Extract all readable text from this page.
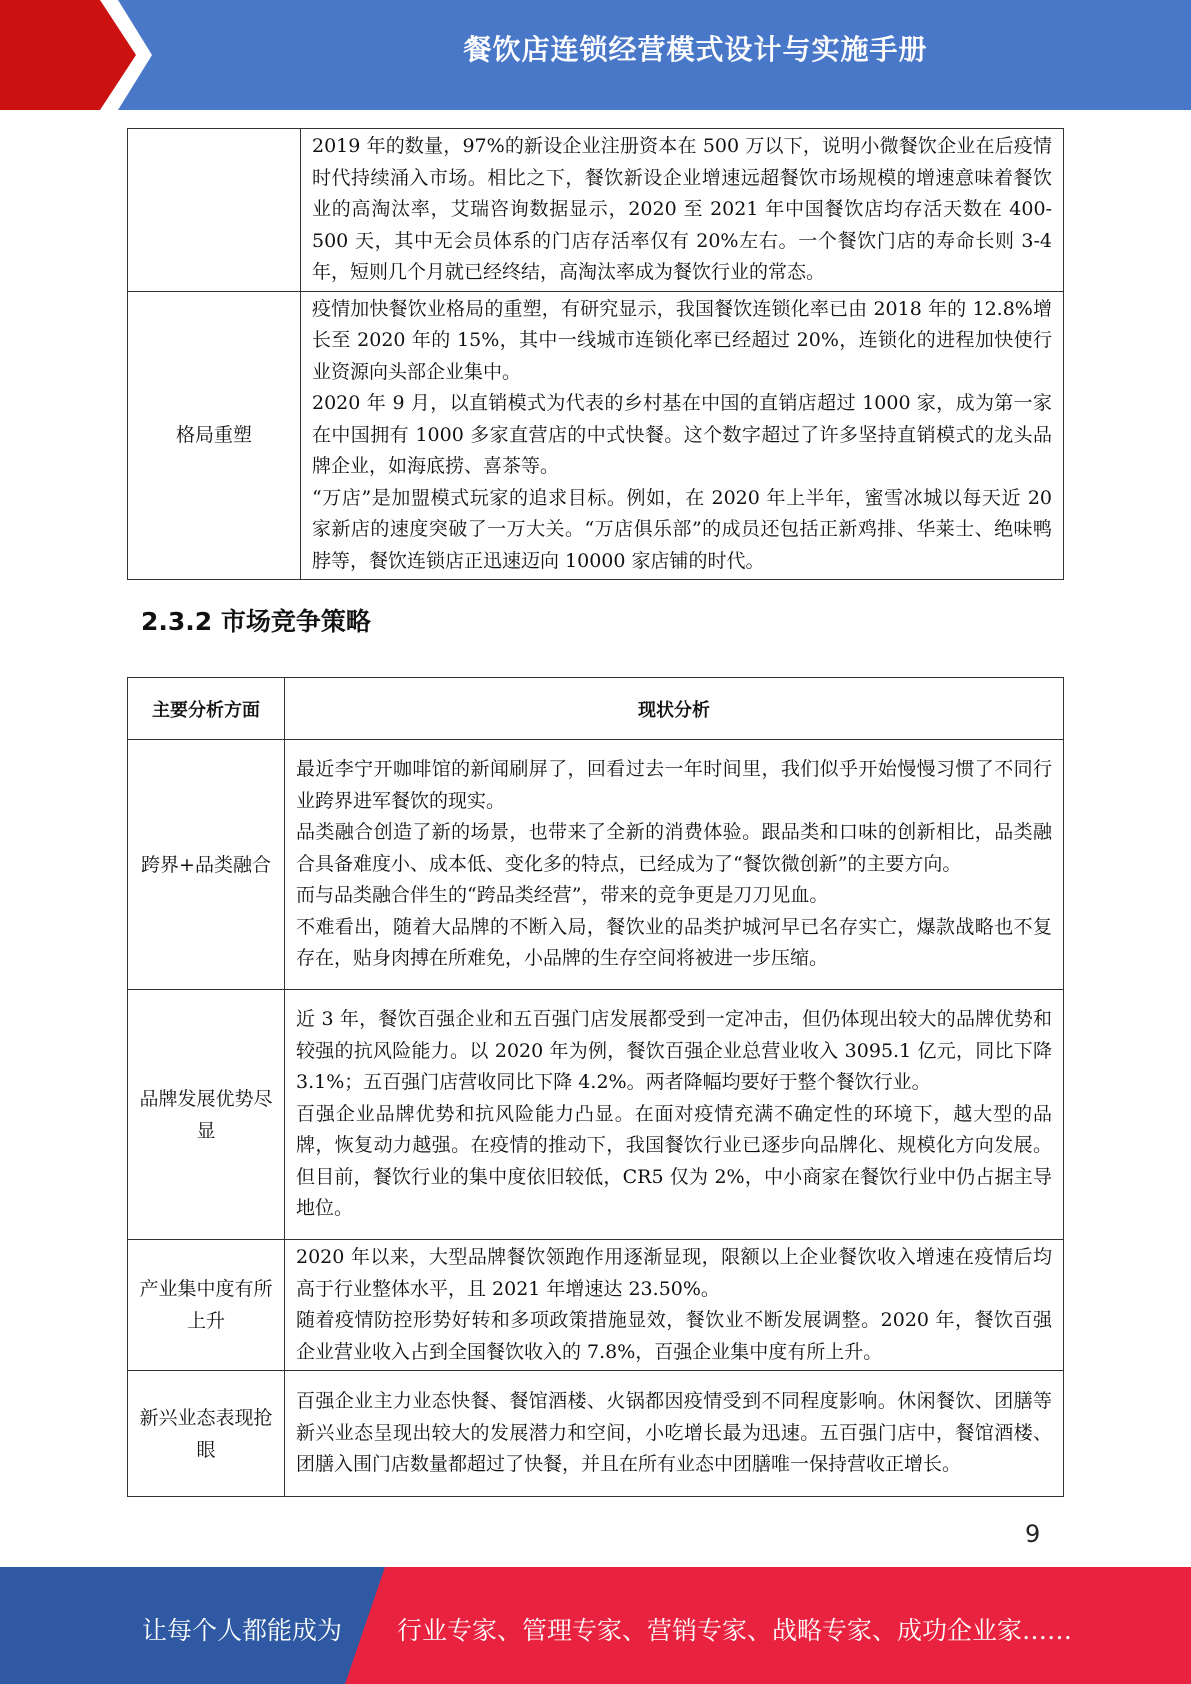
餐饮店连锁经营模式设计与实施手册

	2019 年的数量，97%的新设企业注册资本在 500 万以下，说明小微餐饮企业在后疫情时代持续涌入市场。相比之下，餐饮新设企业增速远超餐饮市场规模的增速意味着餐饮业的高淘汰率，艾瑞咨询数据显示，2020 至 2021 年中国餐饮店均存活天数在 400-500 天，其中无会员体系的门店存活率仅有 20%左右。一个餐饮门店的寿命长则 3-4 年，短则几个月就已经终结，高淘汰率成为餐饮行业的常态。

格局重塑	疫情加快餐饮业格局的重塑，有研究显示，我国餐饮连锁化率已由 2018 年的 12.8%增长至 2020 年的 15%，其中一线城市连锁化率已经超过 20%，连锁化的进程加快使行业资源向头部企业集中。

2020 年 9 月，以直销模式为代表的乡村基在中国的直销店超过 1000 家，成为第一家在中国拥有 1000 多家直营店的中式快餐。这个数字超过了许多坚持直销模式的龙头品牌企业，如海底捞、喜茶等。

“万店”是加盟模式玩家的追求目标。例如，在 2020 年上半年，蜜雪冰城以每天近 20 家新店的速度突破了一万大关。“万店俱乐部”的成员还包括正新鸡排、华莱士、绝味鸭脖等，餐饮连锁店正迅速迈向 10000 家店铺的时代。

2.3.2 市场竞争策略
主要分析方面	现状分析
跨界+品类融合	最近李宁开咖啡馆的新闻刷屏了，回看过去一年时间里，我们似乎开始慢慢习惯了不同行业跨界进军餐饮的现实。

品类融合创造了新的场景，也带来了全新的消费体验。跟品类和口味的创新相比，品类融合具备难度小、成本低、变化多的特点，已经成为了“餐饮微创新”的主要方向。

而与品类融合伴生的“跨品类经营”，带来的竞争更是刀刀见血。

不难看出，随着大品牌的不断入局，餐饮业的品类护城河早已名存实亡，爆款战略也不复存在，贴身肉搏在所难免，小品牌的生存空间将被进一步压缩。

品牌发展优势尽显	近 3 年，餐饮百强企业和五百强门店发展都受到一定冲击，但仍体现出较大的品牌优势和较强的抗风险能力。以 2020 年为例，餐饮百强企业总营业收入 3095.1 亿元，同比下降 3.1%；五百强门店营收同比下降 4.2%。两者降幅均要好于整个餐饮行业。

百强企业品牌优势和抗风险能力凸显。在面对疫情充满不确定性的环境下，越大型的品牌，恢复动力越强。在疫情的推动下，我国餐饮行业已逐步向品牌化、规模化方向发展。但目前，餐饮行业的集中度依旧较低，CR5 仅为 2%，中小商家在餐饮行业中仍占据主导地位。

产业集中度有所上升	2020 年以来，大型品牌餐饮领跑作用逐渐显现，限额以上企业餐饮收入增速在疫情后均高于行业整体水平，且 2021 年增速达 23.50%。

随着疫情防控形势好转和多项政策措施显效，餐饮业不断发展调整。2020 年，餐饮百强企业营业收入占到全国餐饮收入的 7.8%，百强企业集中度有所上升。

新兴业态表现抢眼	百强企业主力业态快餐、餐馆酒楼、火锅都因疫情受到不同程度影响。休闲餐饮、团膳等新兴业态呈现出较大的发展潜力和空间，小吃增长最为迅速。五百强门店中，餐馆酒楼、团膳入围门店数量都超过了快餐，并且在所有业态中团膳唯一保持营收正增长。

9
让每个人都能成为 行业专家、管理专家、营销专家、战略专家、成功企业家……
